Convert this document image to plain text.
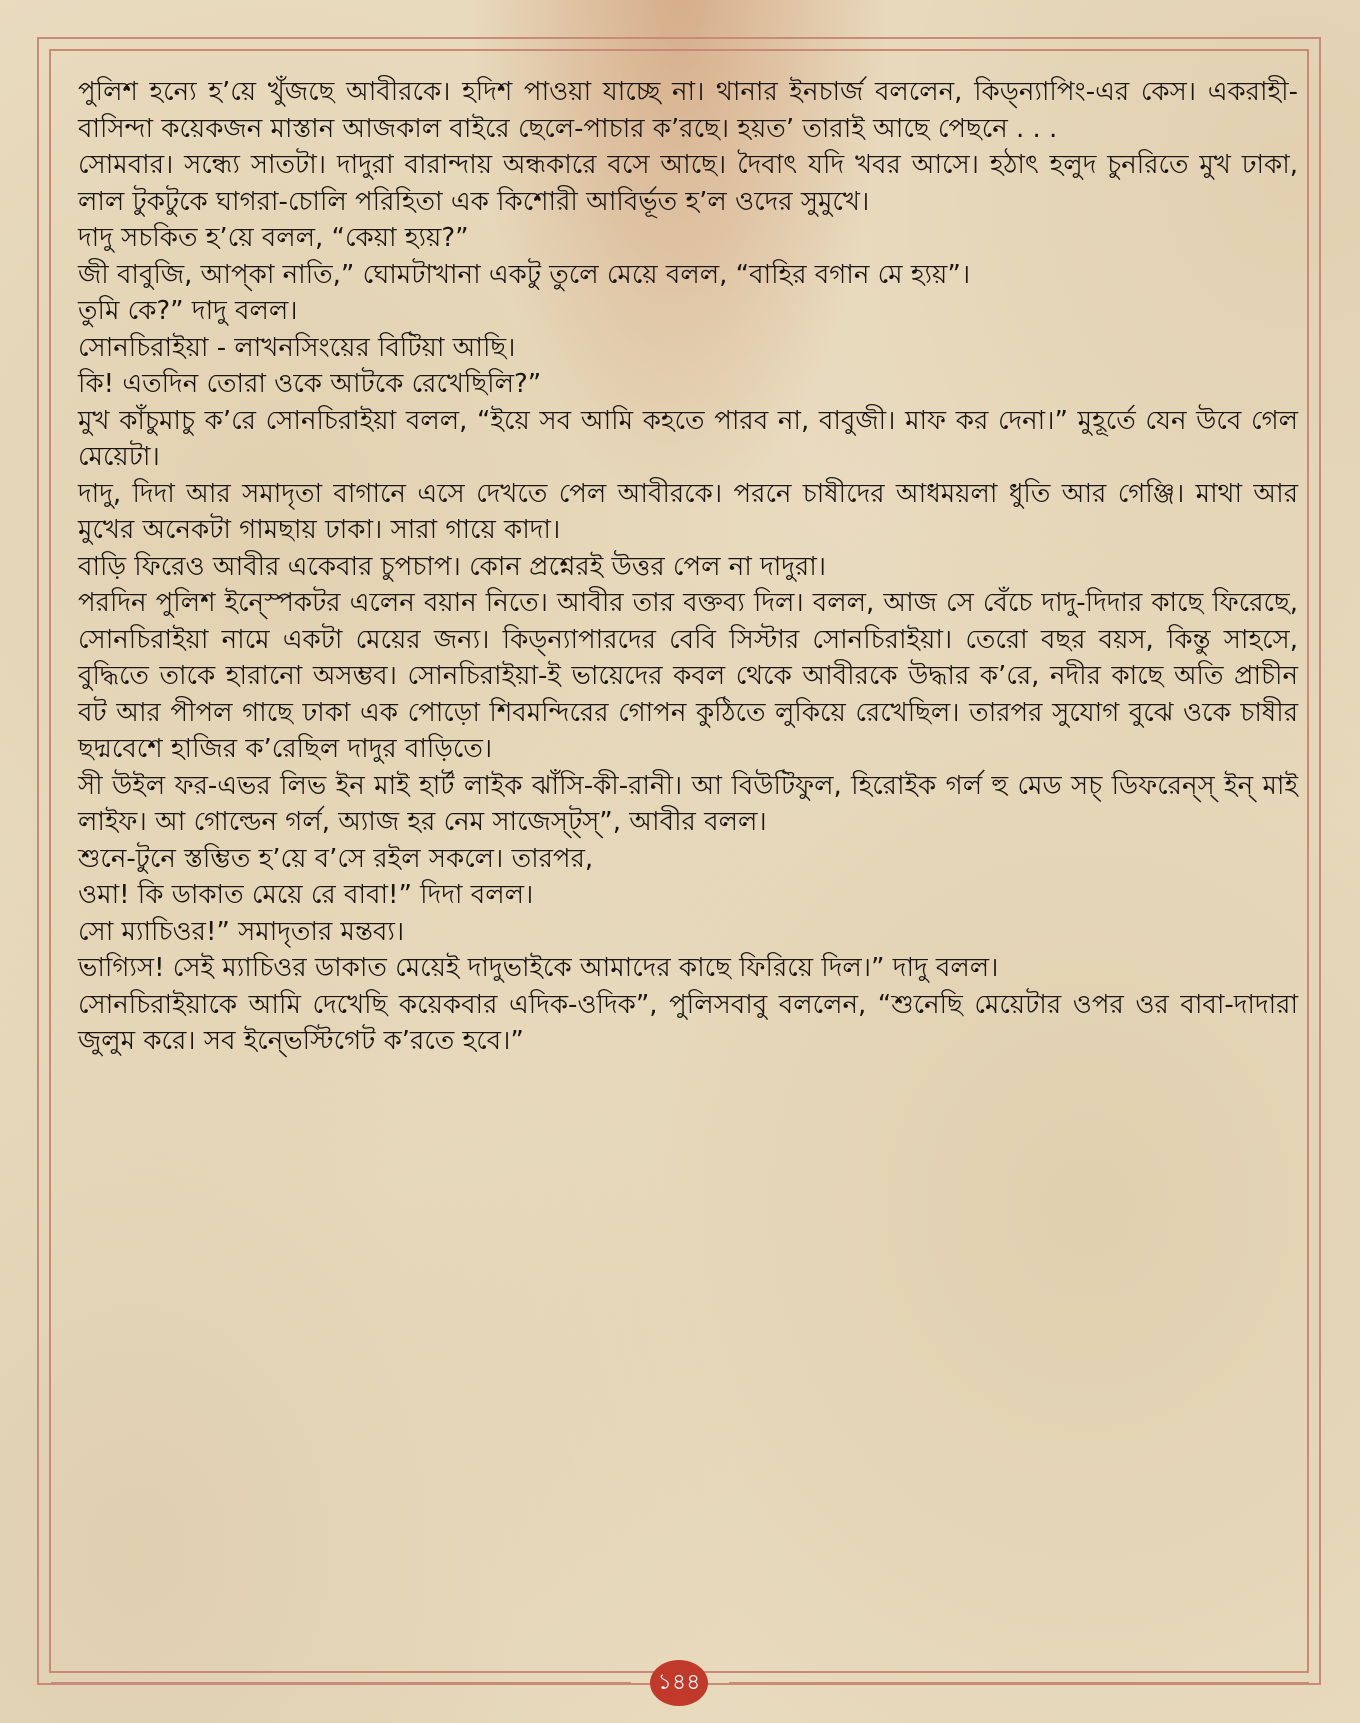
পুলিশ হন্যে হ’য়ে খুঁজছে আবীরকে। হদিশ পাওয়া যাচ্ছে না। থানার ইনচার্জ বললেন, কিড্ন্যাপিং-এর কেস। একরাহী-বাসিন্দা কয়েকজন মাস্তান আজকাল বাইরে ছেলে-পাচার ক’রছে। হয়ত’ তারাই আছে পেছনে . . .

সোমবার। সন্ধ্যে সাতটা। দাদুরা বারান্দায় অন্ধকারে বসে আছে। দৈবাৎ যদি খবর আসে। হঠাৎ হলুদ চুনরিতে মুখ ঢাকা, লাল টুকটুকে ঘাগরা-চোলি পরিহিতা এক কিশোরী আবির্ভূত হ’ল ওদের সুমুখে।

দাদু সচকিত হ’য়ে বলল, “কেয়া হ্যয়?”

জী বাবুজি, আপ্কা নাতি,” ঘোমটাখানা একটু তুলে মেয়ে বলল, “বাহির বগান মে হ্যয়”।

তুমি কে?” দাদু বলল।

সোনচিরাইয়া - লাখনসিংয়ের বিটিয়া আছি।

কি! এতদিন তোরা ওকে আটকে রেখেছিলি?”

মুখ কাঁচুমাচু ক’রে সোনচিরাইয়া বলল, “ইয়ে সব আমি কহতে পারব না, বাবুজী। মাফ কর দেনা।” মুহূর্তে যেন উবে গেল মেয়েটা।

দাদু, দিদা আর সমাদৃতা বাগানে এসে দেখতে পেল আবীরকে। পরনে চাষীদের আধময়লা ধুতি আর গেঞ্জি। মাথা আর মুখের অনেকটা গামছায় ঢাকা। সারা গায়ে কাদা।

বাড়ি ফিরেও আবীর একেবার চুপচাপ। কোন প্রশ্নেরই উত্তর পেল না দাদুরা।

পরদিন পুলিশ ইন্স্পেকটর এলেন বয়ান নিতে। আবীর তার বক্তব্য দিল। বলল, আজ সে বেঁচে দাদু-দিদার কাছে ফিরেছে, সোনচিরাইয়া নামে একটা মেয়ের জন্য। কিড্ন্যাপারদের বেবি সিস্টার সোনচিরাইয়া। তেরো বছর বয়স, কিন্তু সাহসে, বুদ্ধিতে তাকে হারানো অসম্ভব। সোনচিরাইয়া-ই ভায়েদের কবল থেকে আবীরকে উদ্ধার ক’রে, নদীর কাছে অতি প্রাচীন বট আর পীপল গাছে ঢাকা এক পোড়ো শিবমন্দিরের গোপন কুঠিতে লুকিয়ে রেখেছিল। তারপর সুযোগ বুঝে ওকে চাষীর ছদ্মবেশে হাজির ক’রেছিল দাদুর বাড়িতে।

সী উইল ফর-এভর লিভ ইন মাই হার্ট লাইক ঝাঁসি-কী-রানী। আ বিউটিফুল, হিরোইক গর্ল হু মেড সচ্ ডিফরেন্স্ ইন্ মাই লাইফ। আ গোল্ডেন গর্ল, অ্যাজ হর নেম সাজেস্ট্স্”, আবীর বলল।

শুনে-টুনে স্তম্ভিত হ’য়ে ব’সে রইল সকলে। তারপর,

ওমা! কি ডাকাত মেয়ে রে বাবা!” দিদা বলল।

সো ম্যাচিওর!” সমাদৃতার মন্তব্য।

ভাগ্যিস! সেই ম্যাচিওর ডাকাত মেয়েই দাদুভাইকে আমাদের কাছে ফিরিয়ে দিল।” দাদু বলল।

সোনচিরাইয়াকে আমি দেখেছি কয়েকবার এদিক-ওদিক”, পুলিসবাবু বললেন, “শুনেছি মেয়েটার ওপর ওর বাবা-দাদারা জুলুম করে। সব ইন্ভেস্টিগেট ক’রতে হবে।”

১৪৪
